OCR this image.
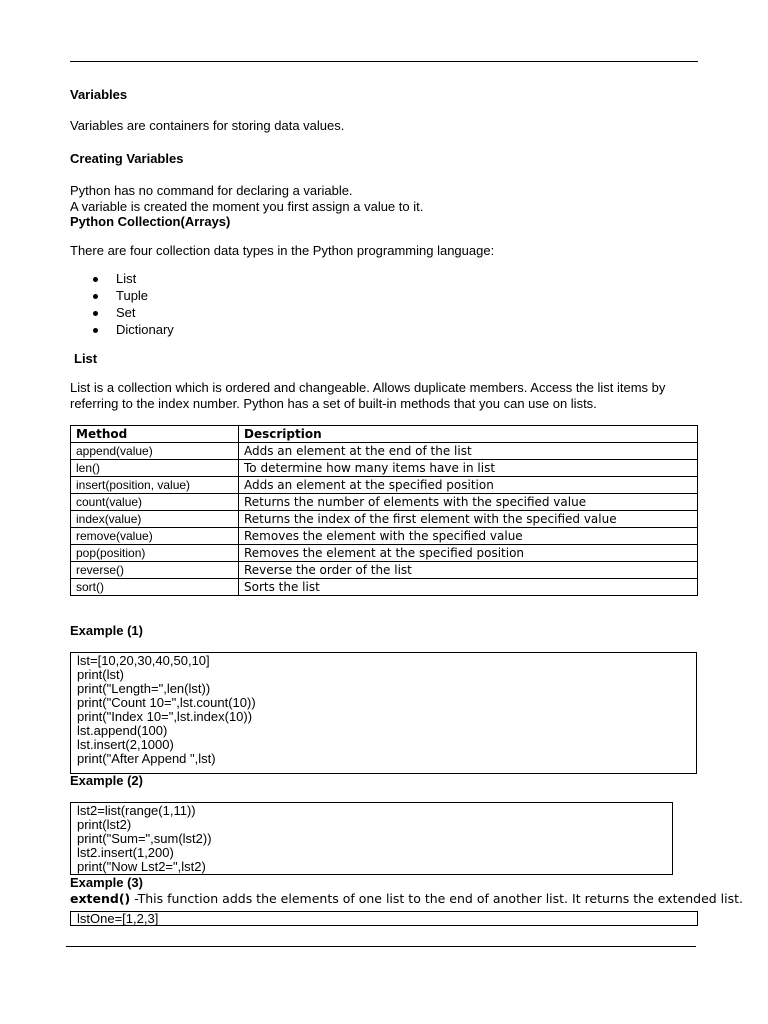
Variables
Variables are containers for storing data values.
Creating Variables
Python has no command for declaring a variable.
A variable is created the moment you first assign a value to it.
Python Collection(Arrays)
There are four collection data types in the Python programming language:
List
Tuple
Set
Dictionary
List
List is a collection which is ordered and changeable. Allows duplicate members. Access the list items by
referring to the index number. Python has a set of built-in methods that you can use on lists.
Method	Description
append(value)	Adds an element at the end of the list
len()	To determine how many items have in list
insert(position, value)	Adds an element at the specified position
count(value)	Returns the number of elements with the specified value
index(value)	Returns the index of the first element with the specified value
remove(value)	Removes the element with the specified value
pop(position)	Removes the element at the specified position
reverse()	Reverse the order of the list
sort()	Sorts the list
Example (1)
lst=[10,20,30,40,50,10]
print(lst)
print("Length=",len(lst))
print("Count 10=",lst.count(10))
print("Index 10=",lst.index(10))
lst.append(100)
lst.insert(2,1000)
print("After Append ",lst)
Example (2)
lst2=list(range(1,11))
print(lst2)
print("Sum=",sum(lst2))
lst2.insert(1,200)
print("Now Lst2=",lst2)
Example (3)
extend() -This function adds the elements of one list to the end of another list. It returns the extended list.
lstOne=[1,2,3]
